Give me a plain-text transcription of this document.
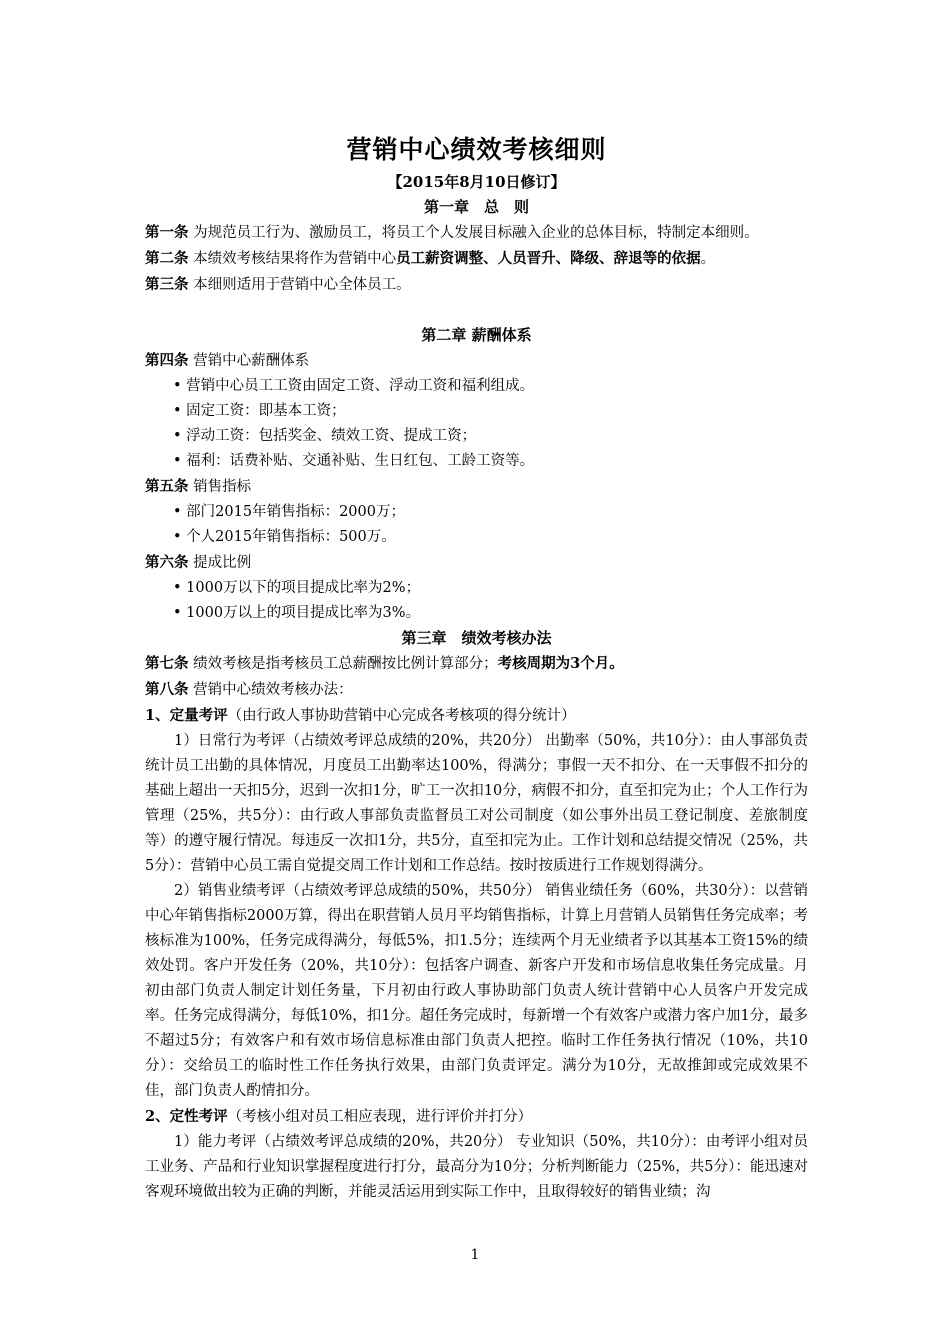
营销中心绩效考核细则

【2015年8月10日修订】

第一章　总　则

第一条 为规范员工行为、激励员工，将员工个人发展目标融入企业的总体目标，特制定本细则。

第二条 本绩效考核结果将作为营销中心员工薪资调整、人员晋升、降级、辞退等的依据。

第三条 本细则适用于营销中心全体员工。

第二章 薪酬体系

第四条 营销中心薪酬体系

• 营销中心员工工资由固定工资、浮动工资和福利组成。

• 固定工资：即基本工资；

• 浮动工资：包括奖金、绩效工资、提成工资；

• 福利：话费补贴、交通补贴、生日红包、工龄工资等。

第五条 销售指标

• 部门2015年销售指标：2000万；

• 个人2015年销售指标：500万。

第六条 提成比例

• 1000万以下的项目提成比率为2%；

• 1000万以上的项目提成比率为3%。

第三章　绩效考核办法

第七条 绩效考核是指考核员工总薪酬按比例计算部分；考核周期为3个月。

第八条 营销中心绩效考核办法：

1、定量考评（由行政人事协助营销中心完成各考核项的得分统计）

1）日常行为考评（占绩效考评总成绩的20%，共20分） 出勤率（50%，共10分）：由人事部负责统计员工出勤的具体情况，月度员工出勤率达100%，得满分；事假一天不扣分、在一天事假不扣分的基础上超出一天扣5分，迟到一次扣1分，旷工一次扣10分，病假不扣分，直至扣完为止；个人工作行为管理（25%，共5分）：由行政人事部负责监督员工对公司制度（如公事外出员工登记制度、差旅制度等）的遵守履行情况。每违反一次扣1分，共5分，直至扣完为止。工作计划和总结提交情况（25%，共5分）：营销中心员工需自觉提交周工作计划和工作总结。按时按质进行工作规划得满分。

2）销售业绩考评（占绩效考评总成绩的50%，共50分） 销售业绩任务（60%，共30分）：以营销中心年销售指标2000万算，得出在职营销人员月平均销售指标，计算上月营销人员销售任务完成率；考核标准为100%，任务完成得满分，每低5%，扣1.5分；连续两个月无业绩者予以其基本工资15%的绩效处罚。客户开发任务（20%，共10分）：包括客户调查、新客户开发和市场信息收集任务完成量。月初由部门负责人制定计划任务量，下月初由行政人事协助部门负责人统计营销中心人员客户开发完成率。任务完成得满分，每低10%，扣1分。超任务完成时，每新增一个有效客户或潜力客户加1分，最多不超过5分；有效客户和有效市场信息标准由部门负责人把控。临时工作任务执行情况（10%，共10分）：交给员工的临时性工作任务执行效果，由部门负责评定。满分为10分，无故推卸或完成效果不佳，部门负责人酌情扣分。

2、定性考评（考核小组对员工相应表现，进行评价并打分）

1）能力考评（占绩效考评总成绩的20%，共20分） 专业知识（50%，共10分）：由考评小组对员工业务、产品和行业知识掌握程度进行打分，最高分为10分；分析判断能力（25%，共5分）：能迅速对客观环境做出较为正确的判断，并能灵活运用到实际工作中，且取得较好的销售业绩；沟

1
